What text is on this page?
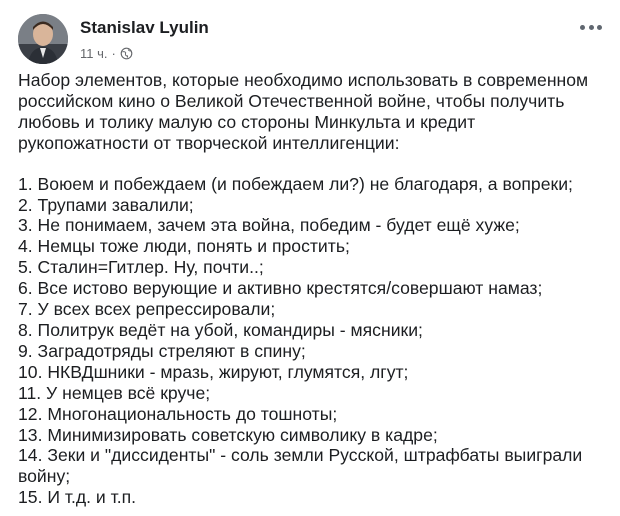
Stanislav Lyulin
11 ч. ·

Набор элементов, которые необходимо использовать в современном российском кино о Великой Отечественной войне, чтобы получить любовь и толику малую со стороны Минкульта и кредит рукопожатности от творческой интеллигенции:

1. Воюем и побеждаем (и побеждаем ли?) не благодаря, а вопреки;
2. Трупами завалили;
3. Не понимаем, зачем эта война, победим - будет ещё хуже;
4. Немцы тоже люди, понять и простить;
5. Сталин=Гитлер. Ну, почти..;
6. Все истово верующие и активно крестятся/совершают намаз;
7. У всех всех репрессировали;
8. Политрук ведёт на убой, командиры - мясники;
9. Заградотряды стреляют в спину;
10. НКВДшники - мразь, жируют, глумятся, лгут;
11. У немцев всё круче;
12. Многонациональность до тошноты;
13. Минимизировать советскую символику в кадре;
14. Зеки и "диссиденты" - соль земли Русской, штрафбаты выиграли войну;
15. И т.д. и т.п.
